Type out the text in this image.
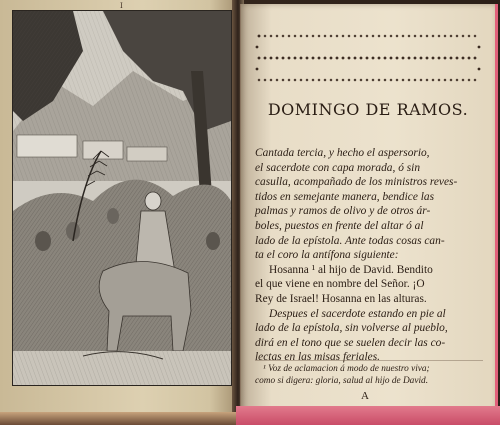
I
DOMINGO DE RAMOS.
Cantada tercia, y hecho el aspersorio,
el sacerdote con capa morada, ó sin
casulla, acompañado de los ministros reves-
tidos en semejante manera, bendice las
palmas y ramos de olivo y de otros ár-
boles, puestos en frente del altar ó al
lado de la epístola. Ante todas cosas can-
ta el coro la antífona siguiente:
Hosanna ¹ al hijo de David. Bendito
el que viene en nombre del Señor. ¡O
Rey de Israel! Hosanna en las alturas.
Despues el sacerdote estando en pie al
lado de la epístola, sin volverse al pueblo,
dirá en el tono que se suelen decir las co-
lectas en las misas feriales.
¹ Voz de aclamacion á modo de nuestro viva;
como si digera: gloria, salud al hijo de David.
A
